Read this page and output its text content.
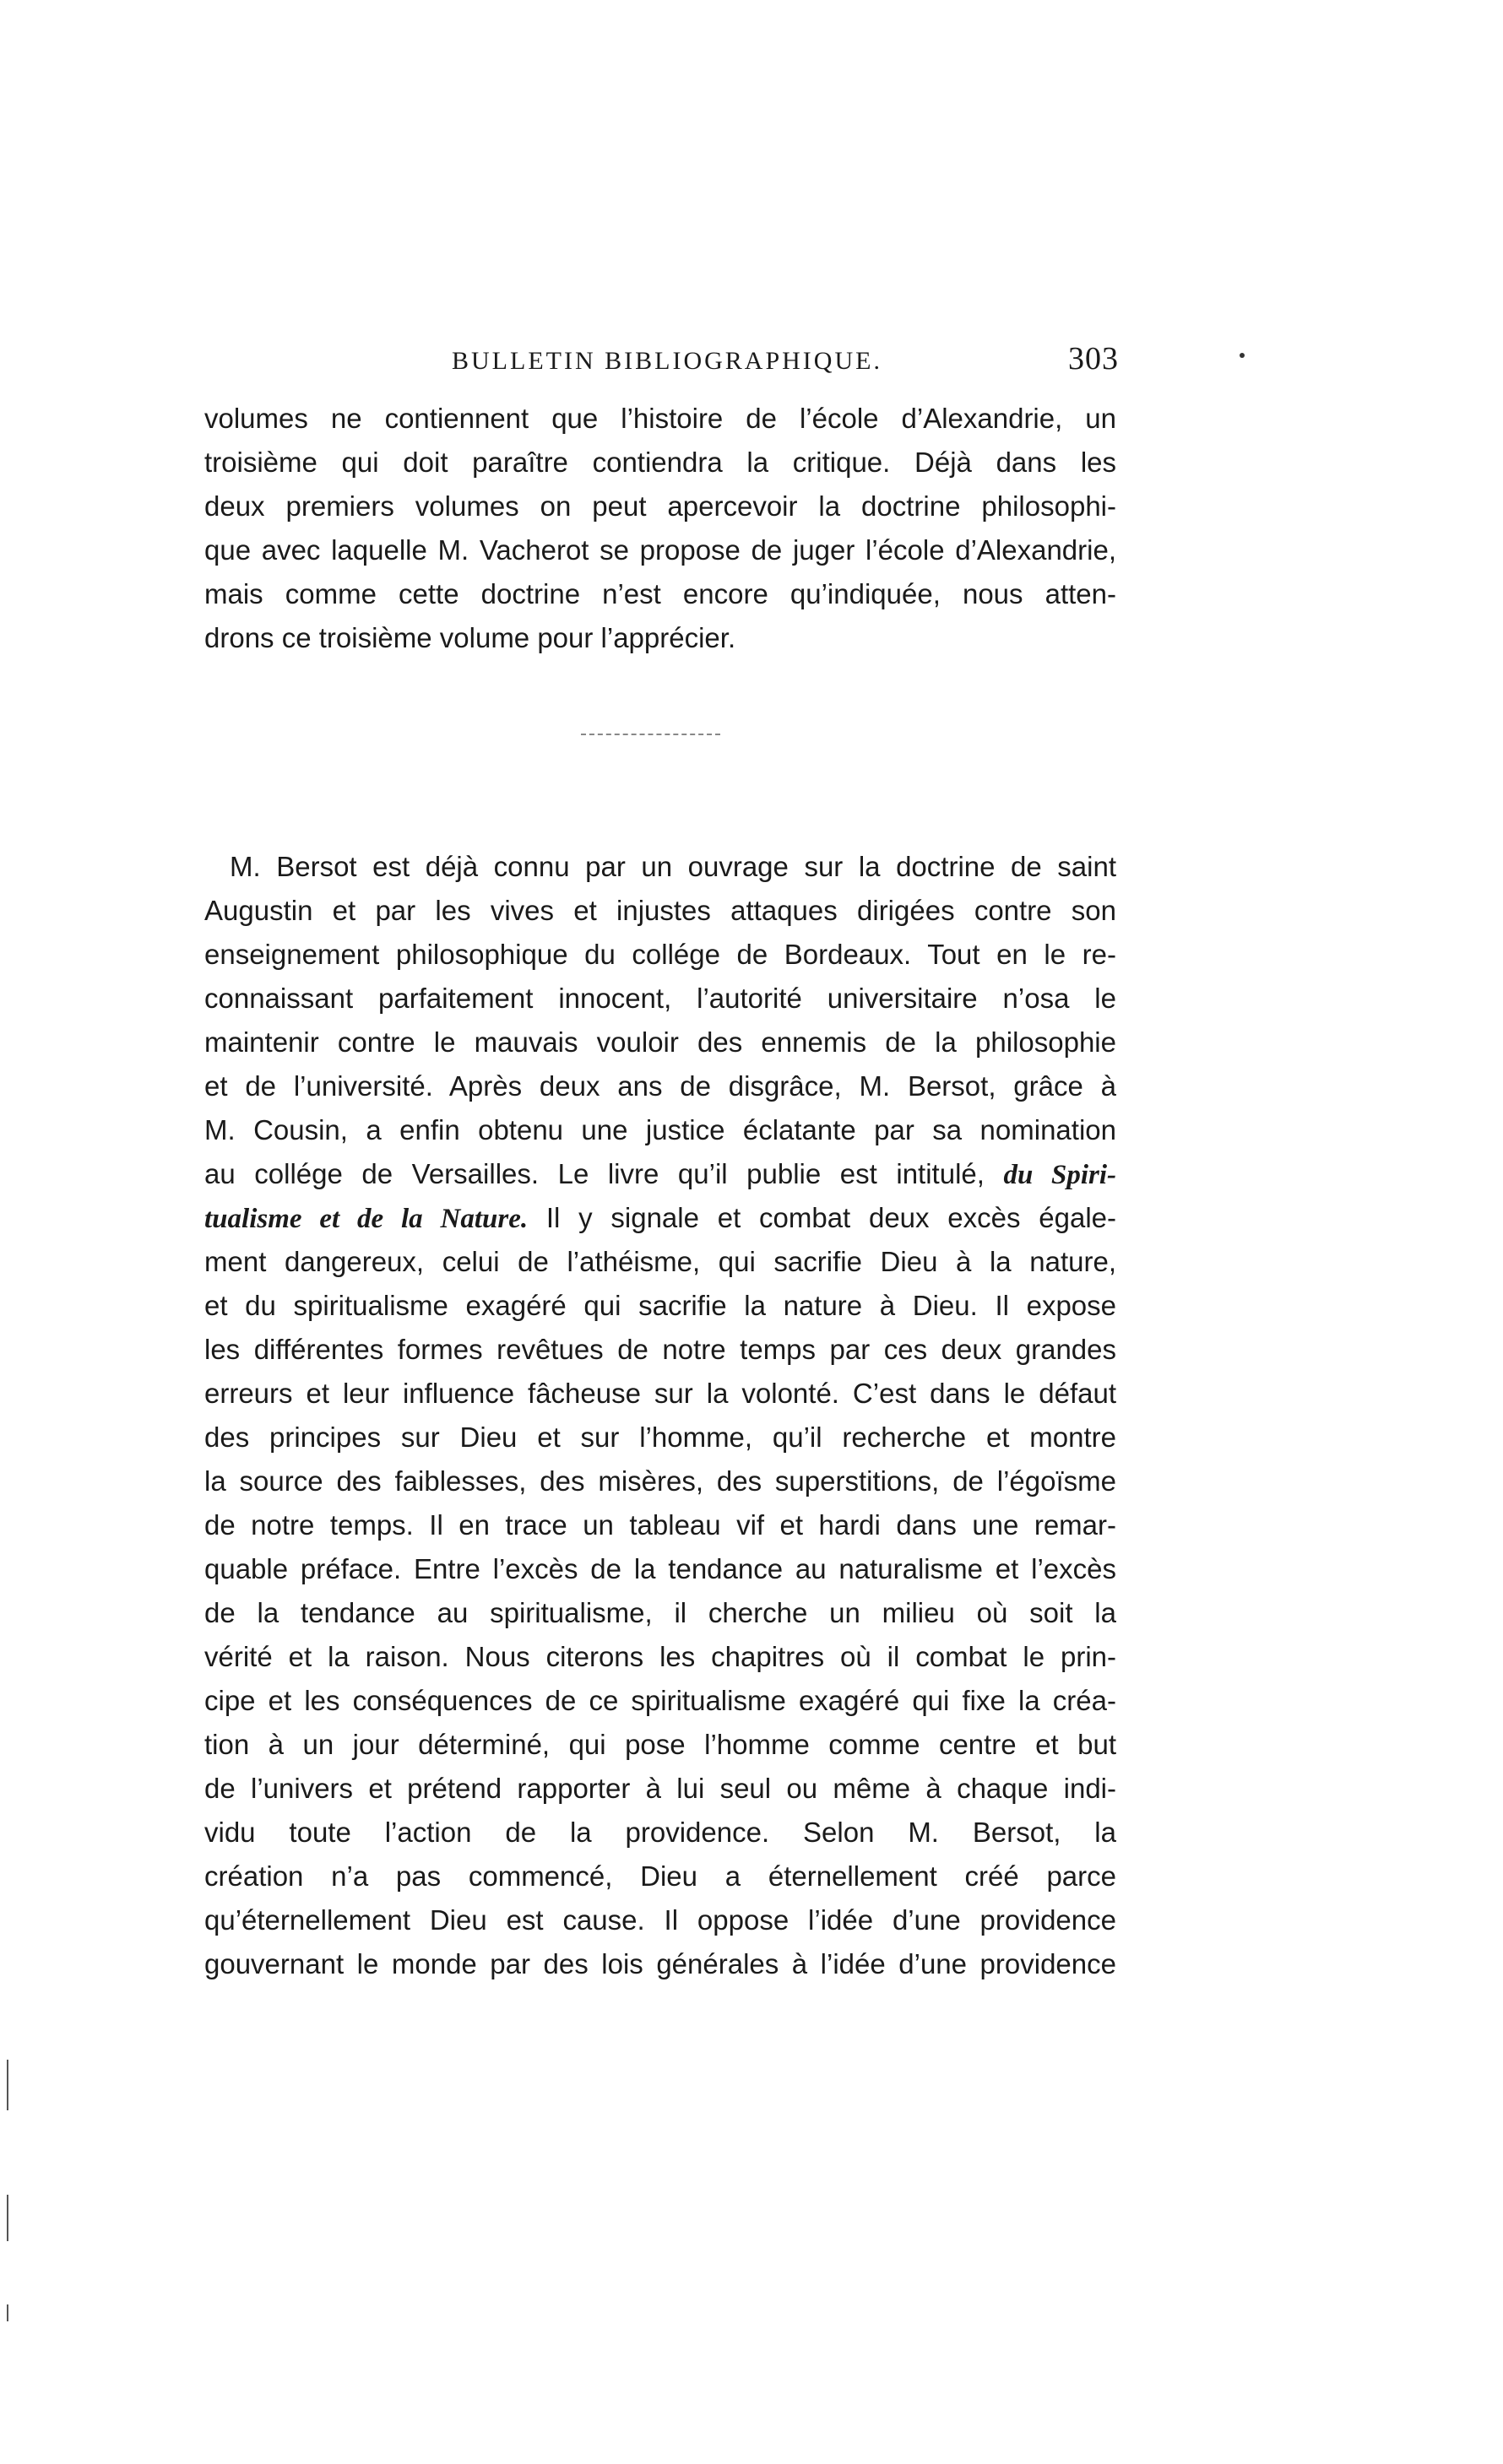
BULLETIN BIBLIOGRAPHIQUE.	303
volumes ne contiennent que l’histoire de l’école d’Alexandrie, un
troisième qui doit paraître contiendra la critique. Déjà dans les
deux premiers volumes on peut apercevoir la doctrine philosophi-
que avec laquelle M. Vacherot se propose de juger l’école d’Alexandrie,
mais comme cette doctrine n’est encore qu’indiquée, nous atten-
drons ce troisième volume pour l’apprécier.
M. Bersot est déjà connu par un ouvrage sur la doctrine de saint
Augustin et par les vives et injustes attaques dirigées contre son
enseignement philosophique du collége de Bordeaux. Tout en le re-
connaissant parfaitement innocent, l’autorité universitaire n’osa le
maintenir contre le mauvais vouloir des ennemis de la philosophie
et de l’université. Après deux ans de disgrâce, M. Bersot, grâce à
M. Cousin, a enfin obtenu une justice éclatante par sa nomination
au collége de Versailles. Le livre qu’il publie est intitulé, du Spiri-
tualisme et de la Nature. Il y signale et combat deux excès égale-
ment dangereux, celui de l’athéisme, qui sacrifie Dieu à la nature,
et du spiritualisme exagéré qui sacrifie la nature à Dieu. Il expose
les différentes formes revêtues de notre temps par ces deux grandes
erreurs et leur influence fâcheuse sur la volonté. C’est dans le défaut
des principes sur Dieu et sur l’homme, qu’il recherche et montre
la source des faiblesses, des misères, des superstitions, de l’égoïsme
de notre temps. Il en trace un tableau vif et hardi dans une remar-
quable préface. Entre l’excès de la tendance au naturalisme et l’excès
de la tendance au spiritualisme, il cherche un milieu où soit la
vérité et la raison. Nous citerons les chapitres où il combat le prin-
cipe et les conséquences de ce spiritualisme exagéré qui fixe la créa-
tion à un jour déterminé, qui pose l’homme comme centre et but
de l’univers et prétend rapporter à lui seul ou même à chaque indi-
vidu toute l’action de la providence. Selon M. Bersot, la
création n’a pas commencé, Dieu a éternellement créé parce
qu’éternellement Dieu est cause. Il oppose l’idée d’une providence
gouvernant le monde par des lois générales à l’idée d’une providence
